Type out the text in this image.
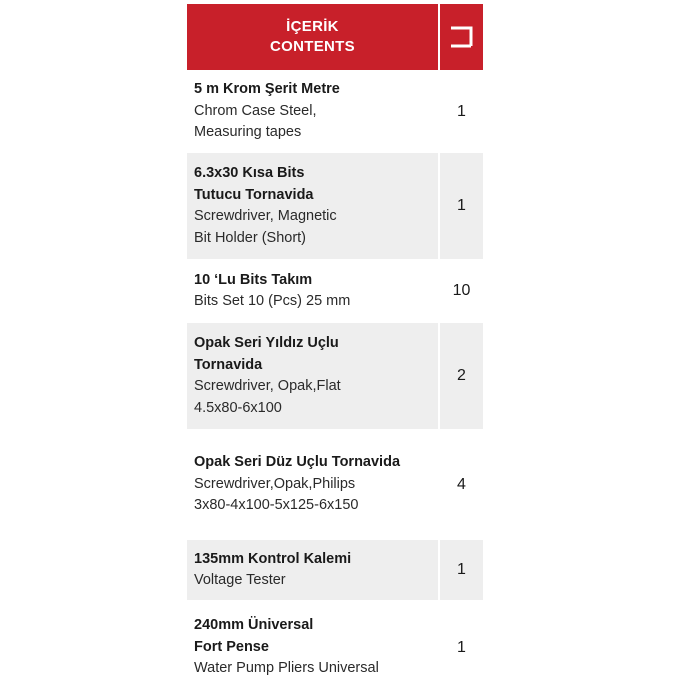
İÇERİK
CONTENTS
5 m Krom Şerit Metre
Chrom Case Steel,
Measuring tapes
1
6.3x30 Kısa Bits
Tutucu Tornavida
Screwdriver, Magnetic
Bit Holder (Short)
1
10 ‘Lu Bits Takım
Bits Set 10 (Pcs) 25 mm
10
Opak Seri Yıldız Uçlu
Tornavida
Screwdriver, Opak,Flat
4.5x80-6x100
2
Opak Seri Düz Uçlu Tornavida
Screwdriver,Opak,Philips
3x80-4x100-5x125-6x150
4
135mm Kontrol Kalemi
Voltage Tester
1
240mm Üniversal
Fort Pense
Water Pump Pliers Universal
1
